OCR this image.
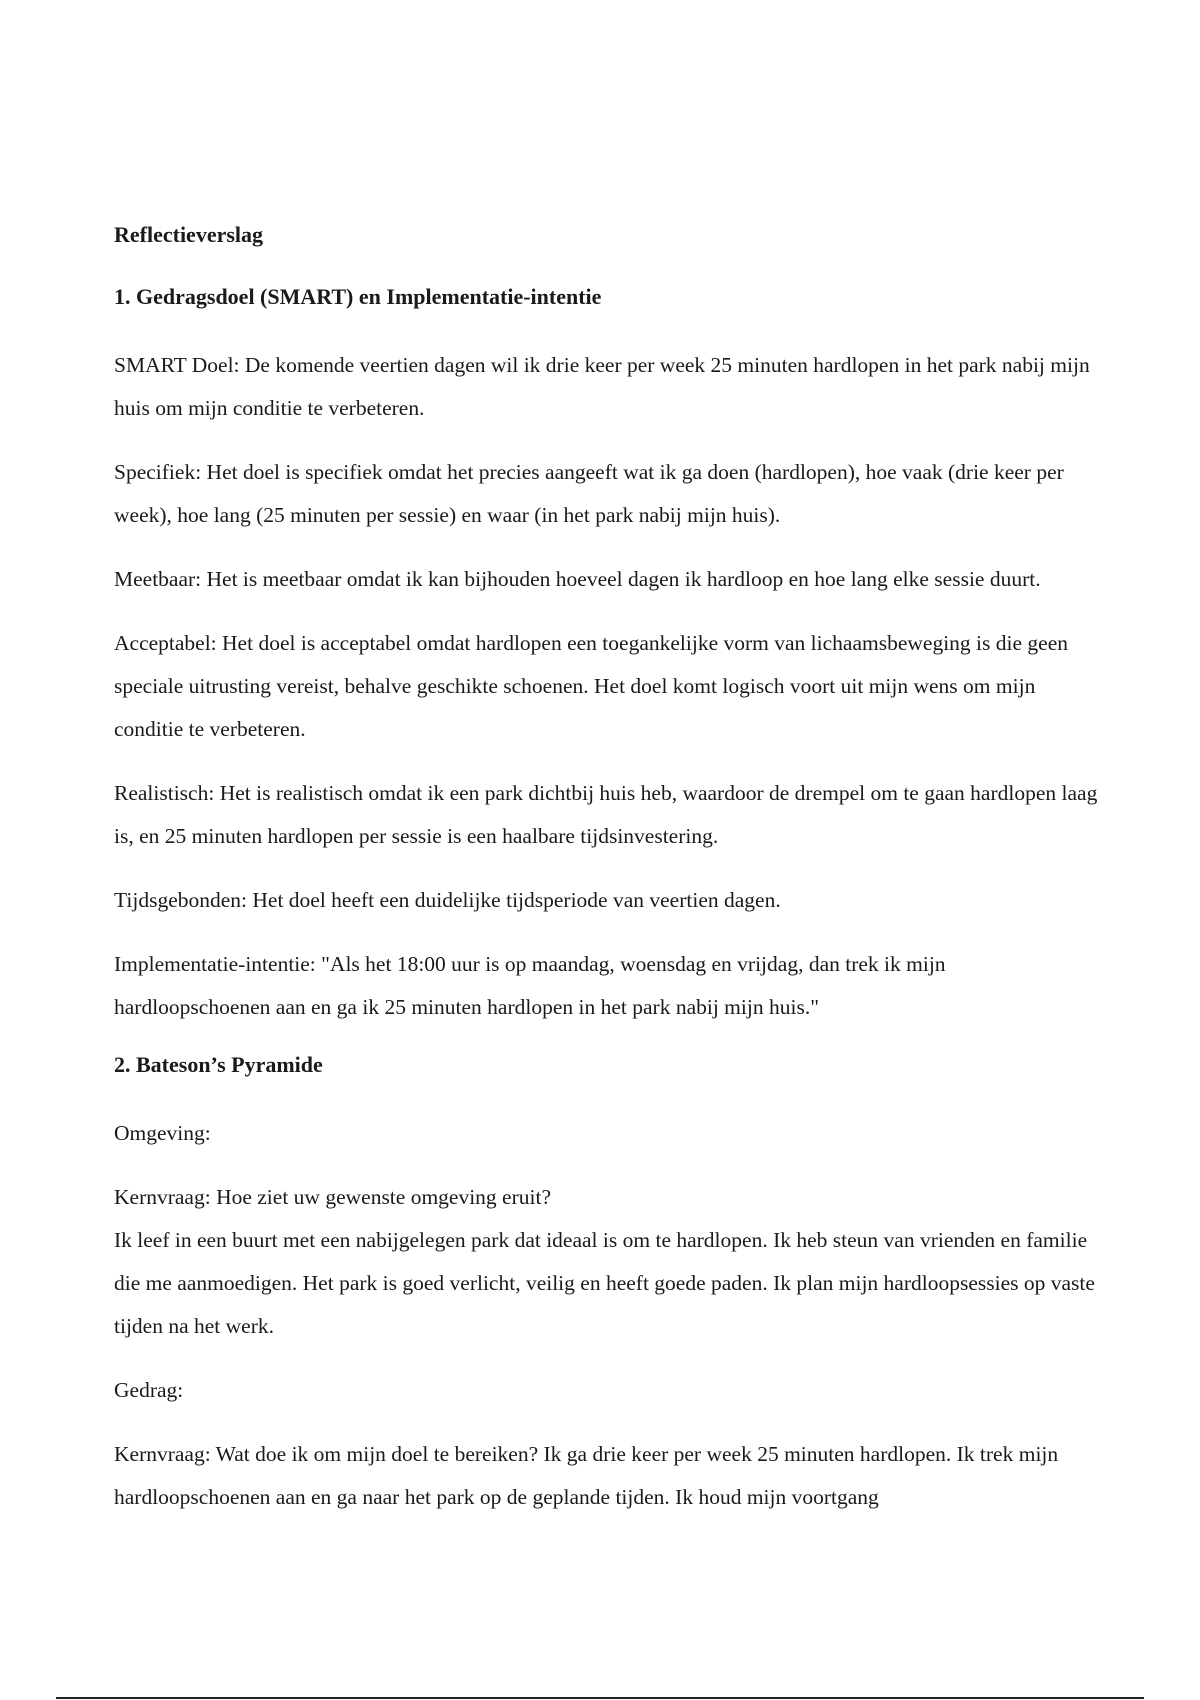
Reflectieverslag

1. Gedragsdoel (SMART) en Implementatie-intentie

SMART Doel: De komende veertien dagen wil ik drie keer per week 25 minuten hardlopen in het park nabij mijn huis om mijn conditie te verbeteren.

Specifiek: Het doel is specifiek omdat het precies aangeeft wat ik ga doen (hardlopen), hoe vaak (drie keer per week), hoe lang (25 minuten per sessie) en waar (in het park nabij mijn huis).

Meetbaar: Het is meetbaar omdat ik kan bijhouden hoeveel dagen ik hardloop en hoe lang elke sessie duurt.

Acceptabel: Het doel is acceptabel omdat hardlopen een toegankelijke vorm van lichaamsbeweging is die geen speciale uitrusting vereist, behalve geschikte schoenen. Het doel komt logisch voort uit mijn wens om mijn conditie te verbeteren.

Realistisch: Het is realistisch omdat ik een park dichtbij huis heb, waardoor de drempel om te gaan hardlopen laag is, en 25 minuten hardlopen per sessie is een haalbare tijdsinvestering.

Tijdsgebonden: Het doel heeft een duidelijke tijdsperiode van veertien dagen.

Implementatie-intentie: "Als het 18:00 uur is op maandag, woensdag en vrijdag, dan trek ik mijn hardloopschoenen aan en ga ik 25 minuten hardlopen in het park nabij mijn huis."

2. Bateson’s Pyramide

Omgeving:

Kernvraag: Hoe ziet uw gewenste omgeving eruit?

Ik leef in een buurt met een nabijgelegen park dat ideaal is om te hardlopen. Ik heb steun van vrienden en familie die me aanmoedigen. Het park is goed verlicht, veilig en heeft goede paden. Ik plan mijn hardloopsessies op vaste tijden na het werk.

Gedrag:

Kernvraag: Wat doe ik om mijn doel te bereiken? Ik ga drie keer per week 25 minuten hardlopen. Ik trek mijn hardloopschoenen aan en ga naar het park op de geplande tijden. Ik houd mijn voortgang
